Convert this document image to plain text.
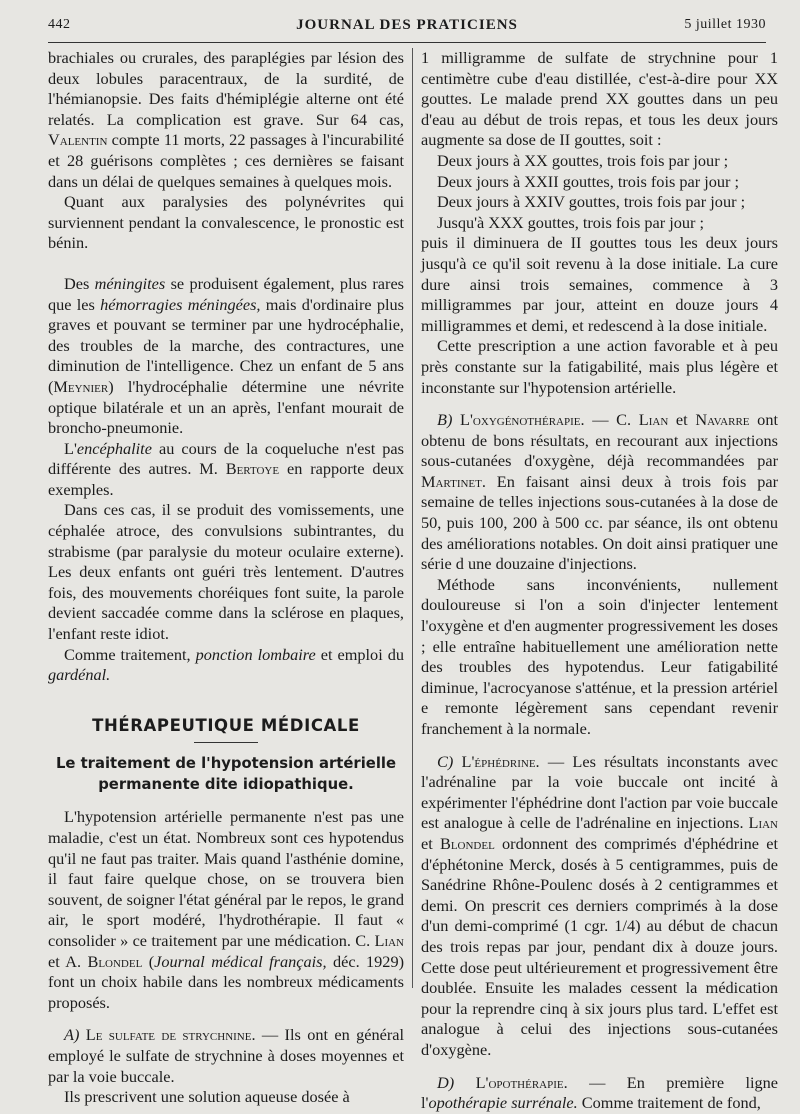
442	JOURNAL DES PRATICIENS	5 juillet 1930

brachiales ou crurales, des paraplégies par lésion des deux lobules paracentraux, de la surdité, de l'hémianopsie. Des faits d'hémiplégie alterne ont été relatés. La complication est grave. Sur 64 cas, Valentin compte 11 morts, 22 passages à l'incurabilité et 28 guérisons complètes ; ces dernières se faisant dans un délai de quelques semaines à quelques mois.

Quant aux paralysies des polynévrites qui surviennent pendant la convalescence, le pronostic est bénin.

Des méningites se produisent également, plus rares que les hémorragies méningées, mais d'ordinaire plus graves et pouvant se terminer par une hydrocéphalie, des troubles de la marche, des contractures, une diminution de l'intelligence. Chez un enfant de 5 ans (Meynier) l'hydrocéphalie détermine une névrite optique bilatérale et un an après, l'enfant mourait de broncho-pneumonie.

L'encéphalite au cours de la coqueluche n'est pas différente des autres. M. Bertoye en rapporte deux exemples.

Dans ces cas, il se produit des vomissements, une céphalée atroce, des convulsions subintrantes, du strabisme (par paralysie du moteur oculaire externe). Les deux enfants ont guéri très lentement. D'autres fois, des mouvements choréiques font suite, la parole devient saccadée comme dans la sclérose en plaques, l'enfant reste idiot.

Comme traitement, ponction lombaire et emploi du gardénal.

THÉRAPEUTIQUE MÉDICALE

Le traitement de l'hypotension artérielle permanente dite idiopathique.

L'hypotension artérielle permanente n'est pas une maladie, c'est un état. Nombreux sont ces hypotendus qu'il ne faut pas traiter. Mais quand l'asthénie domine, il faut faire quelque chose, on se trouvera bien souvent, de soigner l'état général par le repos, le grand air, le sport modéré, l'hydrothérapie. Il faut « consolider » ce traitement par une médication. C. Lian et A. Blondel (Journal médical français, déc. 1929) font un choix habile dans les nombreux médicaments proposés.

A) Le sulfate de strychnine. — Ils ont en général employé le sulfate de strychnine à doses moyennes et par la voie buccale.

Ils prescrivent une solution aqueuse dosée à

1 milligramme de sulfate de strychnine pour 1 centimètre cube d'eau distillée, c'est-à-dire pour XX gouttes. Le malade prend XX gouttes dans un peu d'eau au début de trois repas, et tous les deux jours augmente sa dose de II gouttes, soit :

Deux jours à XX gouttes, trois fois par jour ;

Deux jours à XXII gouttes, trois fois par jour ;

Deux jours à XXIV gouttes, trois fois par jour ;

Jusqu'à XXX gouttes, trois fois par jour ;

puis il diminuera de II gouttes tous les deux jours jusqu'à ce qu'il soit revenu à la dose initiale. La cure dure ainsi trois semaines, commence à 3 milligrammes par jour, atteint en douze jours 4 milligrammes et demi, et redescend à la dose initiale.

Cette prescription a une action favorable et à peu près constante sur la fatigabilité, mais plus légère et inconstante sur l'hypotension artérielle.

B) L'oxygénothérapie. — C. Lian et Navarre ont obtenu de bons résultats, en recourant aux injections sous-cutanées d'oxygène, déjà recommandées par Martinet. En faisant ainsi deux à trois fois par semaine de telles injections sous-cutanées à la dose de 50, puis 100, 200 à 500 cc. par séance, ils ont obtenu des améliorations notables. On doit ainsi pratiquer une série d une douzaine d'injections.

Méthode sans inconvénients, nullement douloureuse si l'on a soin d'injecter lentement l'oxygène et d'en augmenter progressivement les doses ; elle entraîne habituellement une amélioration nette des troubles des hypotendus. Leur fatigabilité diminue, l'acrocyanose s'atténue, et la pression artériel e remonte légèrement sans cependant revenir franchement à la normale.

C) L'éphédrine. — Les résultats inconstants avec l'adrénaline par la voie buccale ont incité à expérimenter l'éphédrine dont l'action par voie buccale est analogue à celle de l'adrénaline en injections. Lian et Blondel ordonnent des comprimés d'éphédrine et d'éphétonine Merck, dosés à 5 centigrammes, puis de Sanédrine Rhône-Poulenc dosés à 2 centigrammes et demi. On prescrit ces derniers comprimés à la dose d'un demi-comprimé (1 cgr. 1/4) au début de chacun des trois repas par jour, pendant dix à douze jours. Cette dose peut ultérieurement et progressivement être doublée. Ensuite les malades cessent la médication pour la reprendre cinq à six jours plus tard. L'effet est analogue à celui des injections sous-cutanées d'oxygène.

D) L'opothérapie. — En première ligne l'opothérapie surrénale. Comme traitement de fond,
